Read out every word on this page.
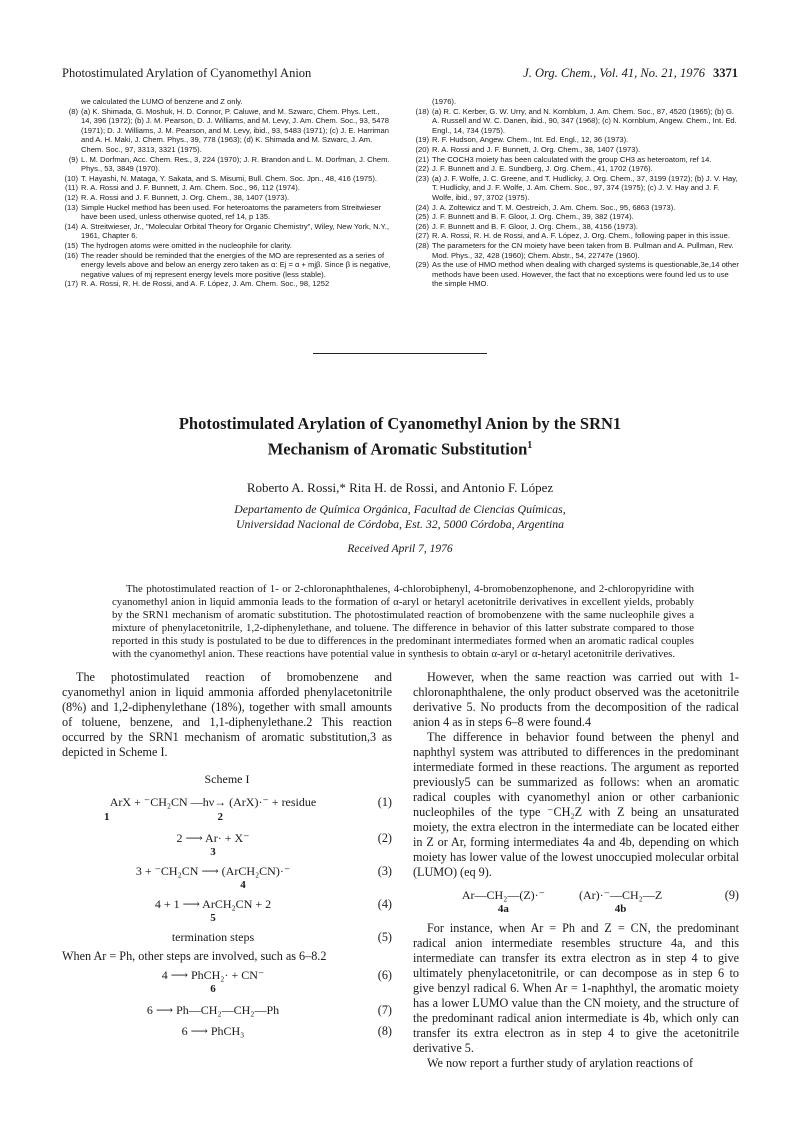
Photostimulated Arylation of Cyanomethyl Anion	J. Org. Chem., Vol. 41, No. 21, 1976 3371
we calculated the LUMO of benzene and Z only.
(8) (a) K. Shimada, G. Moshuk, H. D. Connor, P. Caluwe, and M. Szwarc, Chem. Phys. Lett., 14, 396 (1972); (b) J. M. Pearson, D. J. Williams, and M. Levy, J. Am. Chem. Soc., 93, 5478 (1971); D. J. Williams, J. M. Pearson, and M. Levy, ibid., 93, 5483 (1971); (c) J. E. Harriman and A. H. Maki, J. Chem. Phys., 39, 778 (1963); (d) K. Shimada and M. Szwarc, J. Am. Chem. Soc., 97, 3313, 3321 (1975).
(9) L. M. Dorfman, Acc. Chem. Res., 3, 224 (1970); J. R. Brandon and L. M. Dorfman, J. Chem. Phys., 53, 3849 (1970).
(10) T. Hayashi, N. Mataga, Y. Sakata, and S. Misumi, Bull. Chem. Soc. Jpn., 48, 416 (1975).
(11) R. A. Rossi and J. F. Bunnett, J. Am. Chem. Soc., 96, 112 (1974).
(12) R. A. Rossi and J. F. Bunnett, J. Org. Chem., 38, 1407 (1973).
(13) Simple Huckel method has been used. For heteroatoms the parameters from Streitwieser have been used, unless otherwise quoted, ref 14, p 135.
(14) A. Streitwieser, Jr., "Molecular Orbital Theory for Organic Chemistry", Wiley, New York, N.Y., 1961, Chapter 6.
(15) The hydrogen atoms were omitted in the nucleophile for clarity.
(16) The reader should be reminded that the energies of the MO are represented as a series of energy levels above and below an energy zero taken as α: Ej = α + mjβ. Since β is negative, negative values of mj represent energy levels more positive (less stable).
(17) R. A. Rossi, R. H. de Rossi, and A. F. López, J. Am. Chem. Soc., 98, 1252
(1976).
(18) (a) R. C. Kerber, G. W. Urry, and N. Kornblum, J. Am. Chem. Soc., 87, 4520 (1965); (b) G. A. Russell and W. C. Danen, ibid., 90, 347 (1968); (c) N. Kornblum, Angew. Chem., Int. Ed. Engl., 14, 734 (1975).
(19) R. F. Hudson, Angew. Chem., Int. Ed. Engl., 12, 36 (1973).
(20) R. A. Rossi and J. F. Bunnett, J. Org. Chem., 38, 1407 (1973).
(21) The COCH3 moiety has been calculated with the group CH3 as heteroatom, ref 14.
(22) J. F. Bunnett and J. E. Sundberg, J. Org. Chem., 41, 1702 (1976).
(23) (a) J. F. Wolfe, J. C. Greene, and T. Hudlicky, J. Org. Chem., 37, 3199 (1972); (b) J. V. Hay, T. Hudlicky, and J. F. Wolfe, J. Am. Chem. Soc., 97, 374 (1975); (c) J. V. Hay and J. F. Wolfe, ibid., 97, 3702 (1975).
(24) J. A. Zoltewicz and T. M. Oestreich, J. Am. Chem. Soc., 95, 6863 (1973).
(25) J. F. Bunnett and B. F. Gloor, J. Org. Chem., 39, 382 (1974).
(26) J. F. Bunnett and B. F. Gloor, J. Org. Chem., 38, 4156 (1973).
(27) R. A. Rossi, R. H. de Rossi, and A. F. López, J. Org. Chem., following paper in this issue.
(28) The parameters for the CN moiety have been taken from B. Pullman and A. Pullman, Rev. Mod. Phys., 32, 428 (1960); Chem. Abstr., 54, 22747e (1960).
(29) As the use of HMO method when dealing with charged systems is questionable,3e,14 other methods have been used. However, the fact that no exceptions were found led us to use the simple HMO.
Photostimulated Arylation of Cyanomethyl Anion by the SRN1
Mechanism of Aromatic Substitution$^1$
Roberto A. Rossi,* Rita H. de Rossi, and Antonio F. López
Departamento de Química Orgánica, Facultad de Ciencias Químicas,
Universidad Nacional de Córdoba, Est. 32, 5000 Córdoba, Argentina
Received April 7, 1976

The photostimulated reaction of 1- or 2-chloronaphthalenes, 4-chlorobiphenyl, 4-bromobenzophenone, and 2-chloropyridine with cyanomethyl anion in liquid ammonia leads to the formation of α-aryl or hetaryl acetonitrile derivatives in excellent yields, probably by the SRN1 mechanism of aromatic substitution. The photostimulated reaction of bromobenzene with the same nucleophile gives a mixture of phenylacetonitrile, 1,2-diphenylethane, and toluene. The difference in behavior of this latter substrate compared to those reported in this study is postulated to be due to differences in the predominant intermediates formed when an aromatic radical couples with the cyanomethyl anion. These reactions have potential value in synthesis to obtain α-aryl or α-hetaryl acetonitrile derivatives.

The photostimulated reaction of bromobenzene and cyanomethyl anion in liquid ammonia afforded phenylacetonitrile (8%) and 1,2-diphenylethane (18%), together with small amounts of toluene, benzene, and 1,1-diphenylethane.2 This reaction occurred by the SRN1 mechanism of aromatic substitution,3 as depicted in Scheme I.

Scheme I
ArX + ⁻CH₂CN —hν→ (ArX)·⁻ + residue
1	2
(1)
2 ⟶ Ar· + X⁻
3
(2)
3 + ⁻CH₂CN ⟶ (ArCH₂CN)·⁻
4
(3)
4 + 1 ⟶ ArCH₂CN + 2
5
(4)
termination steps	(5)

When Ar = Ph, other steps are involved, such as 6–8.2

4 ⟶ PhCH₂· + CN⁻
6
(6)
6 ⟶ Ph—CH₂—CH₂—Ph	(7)
6 ⟶ PhCH₃	(8)

However, when the same reaction was carried out with 1-chloronaphthalene, the only product observed was the acetonitrile derivative 5. No products from the decomposition of the radical anion 4 as in steps 6–8 were found.4

The difference in behavior found between the phenyl and naphthyl system was attributed to differences in the predominant intermediate formed in these reactions. The argument as reported previously5 can be summarized as follows: when an aromatic radical couples with cyanomethyl anion or other carbanionic nucleophiles of the type ⁻CH₂Z with Z being an unsaturated moiety, the extra electron in the intermediate can be located either in Z or Ar, forming intermediates 4a and 4b, depending on which moiety has lower value of the lowest unoccupied molecular orbital (LUMO) (eq 9).

Ar—CH₂—(Z)·⁻
4a
(Ar)·⁻—CH₂—Z
4b
(9)

For instance, when Ar = Ph and Z = CN, the predominant radical anion intermediate resembles structure 4a, and this intermediate can transfer its extra electron as in step 4 to give ultimately phenylacetonitrile, or can decompose as in step 6 to give benzyl radical 6. When Ar = 1-naphthyl, the aromatic moiety has a lower LUMO value than the CN moiety, and the structure of the predominant radical anion intermediate is 4b, which only can transfer its extra electron as in step 4 to give the acetonitrile derivative 5.

We now report a further study of arylation reactions of
